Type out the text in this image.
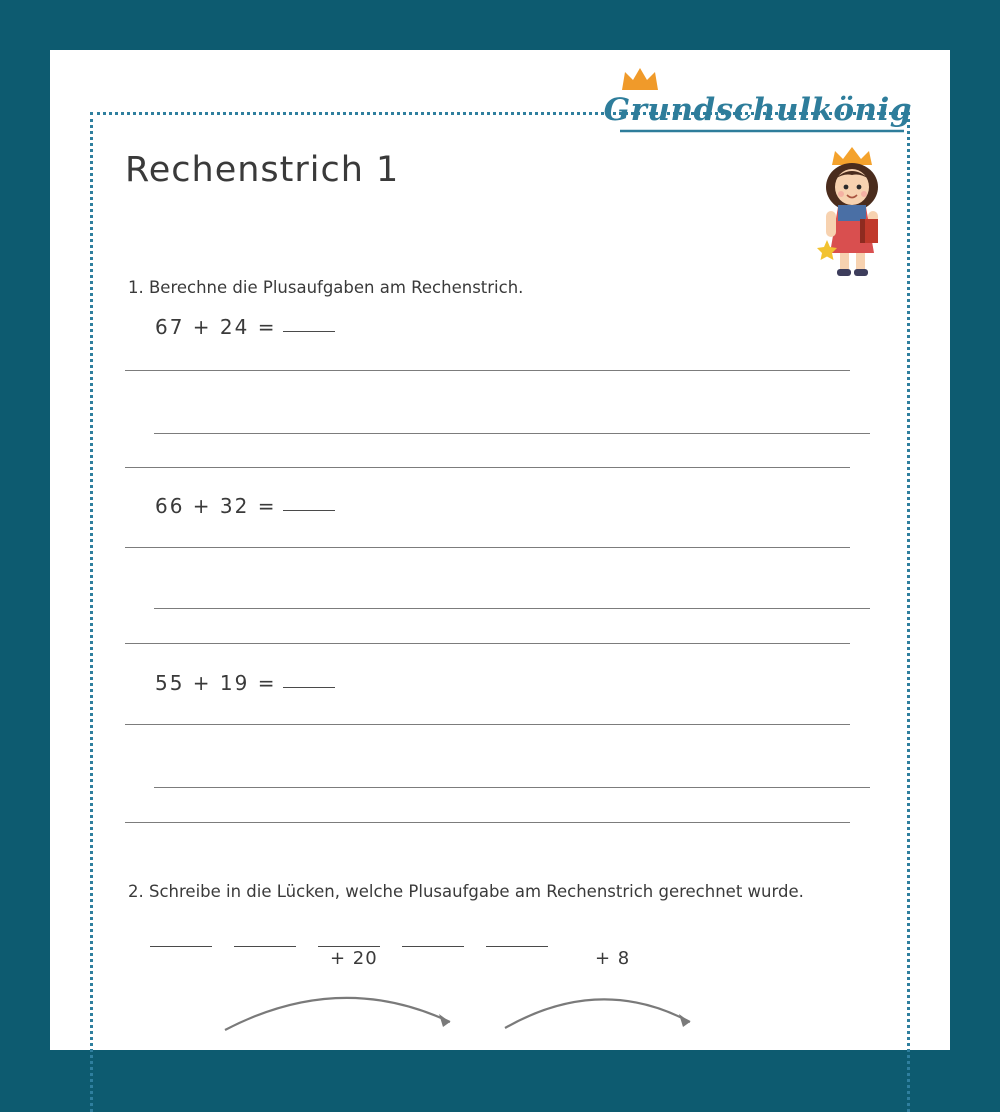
Grundschulkönig
Rechenstrich 1
1. Berechne die Plusaufgaben am Rechenstrich.
67 + 24 =
66 + 32 =
55 + 19 =
2. Schreibe in die Lücken, welche Plusaufgabe am Rechenstrich gerechnet wurde.
+ 20	+ 8
